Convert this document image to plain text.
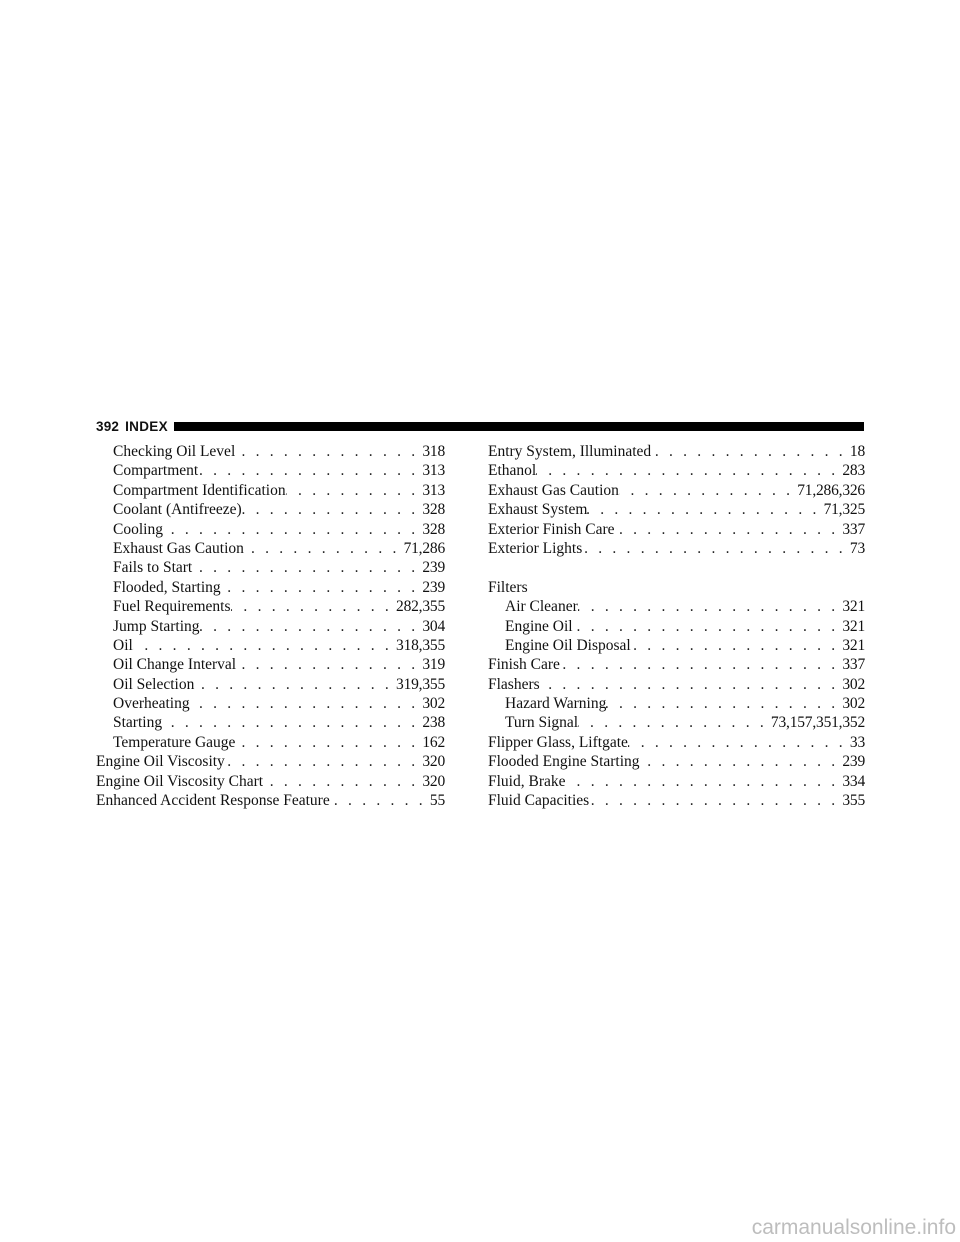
392 INDEX
Checking Oil Level . . .	318
Compartment . . .	313
Compartment Identification . . .	313
Coolant (Antifreeze) . . .	328
Cooling . . .	328
Exhaust Gas Caution . . .	71,286
Fails to Start . . .	239
Flooded, Starting . . .	239
Fuel Requirements . . .	282,355
Jump Starting . . .	304
Oil . . .	318,355
Oil Change Interval . . .	319
Oil Selection . . .	319,355
Overheating . . .	302
Starting . . .	238
Temperature Gauge . . .	162
Engine Oil Viscosity . . .	320
Engine Oil Viscosity Chart . . .	320
Enhanced Accident Response Feature . . .	55
Entry System, Illuminated . . .	18
Ethanol . . .	283
Exhaust Gas Caution . . .	71,286,326
Exhaust System . . .	71,325
Exterior Finish Care . . .	337
Exterior Lights . . .	73
Filters
Air Cleaner . . .	321
Engine Oil . . .	321
Engine Oil Disposal . . .	321
Finish Care . . .	337
Flashers . . .	302
Hazard Warning . . .	302
Turn Signal . . .	73,157,351,352
Flipper Glass, Liftgate . . .	33
Flooded Engine Starting . . .	239
Fluid, Brake . . .	334
Fluid Capacities . . .	355
carmanualsonline.info
